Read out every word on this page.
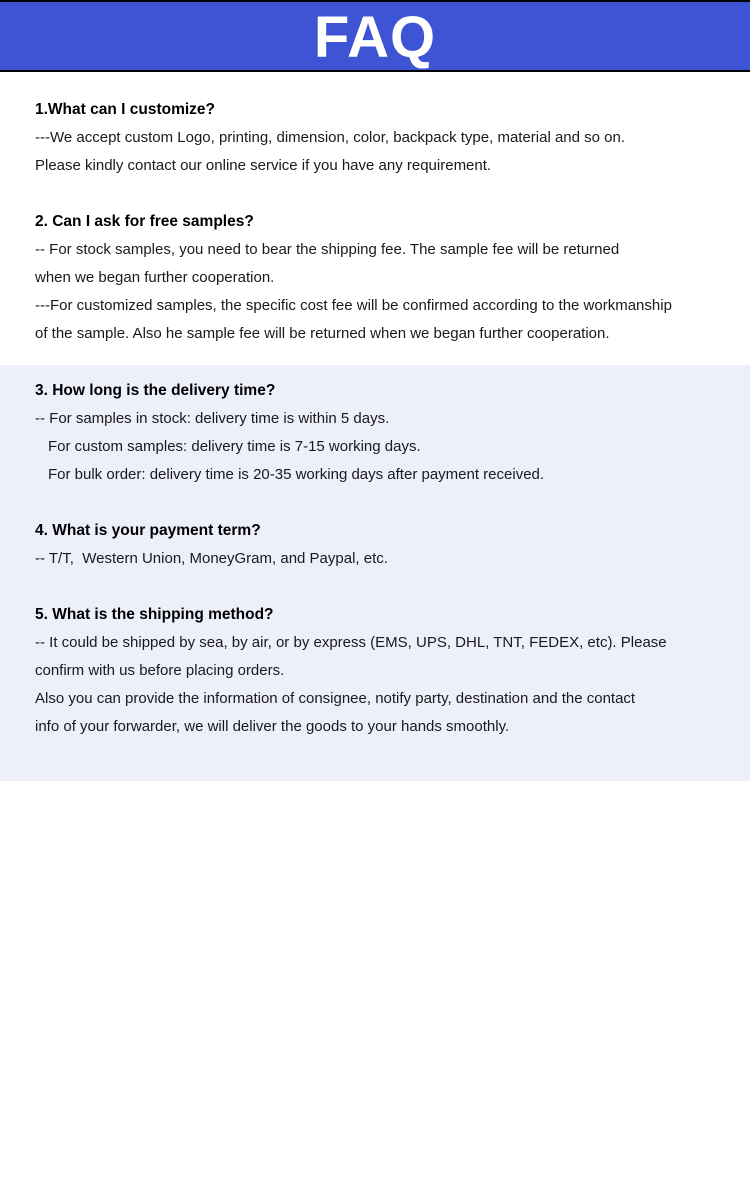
FAQ
1.What can I customize?
---We accept custom Logo, printing, dimension, color, backpack type, material and so on.
Please kindly contact our online service if you have any requirement.
2. Can I ask for free samples?
-- For stock samples, you need to bear the shipping fee. The sample fee will be returned
when we began further cooperation.
---For customized samples, the specific cost fee will be confirmed according to the workmanship
of the sample. Also he sample fee will be returned when we began further cooperation.
3. How long is the delivery time?
-- For samples in stock: delivery time is within 5 days.
For custom samples: delivery time is 7-15 working days.
For bulk order: delivery time is 20-35 working days after payment received.
4. What is your payment term?
-- T/T,  Western Union, MoneyGram, and Paypal, etc.
5. What is the shipping method?
-- It could be shipped by sea, by air, or by express (EMS, UPS, DHL, TNT, FEDEX, etc). Please
confirm with us before placing orders.
Also you can provide the information of consignee, notify party, destination and the contact
info of your forwarder, we will deliver the goods to your hands smoothly.
